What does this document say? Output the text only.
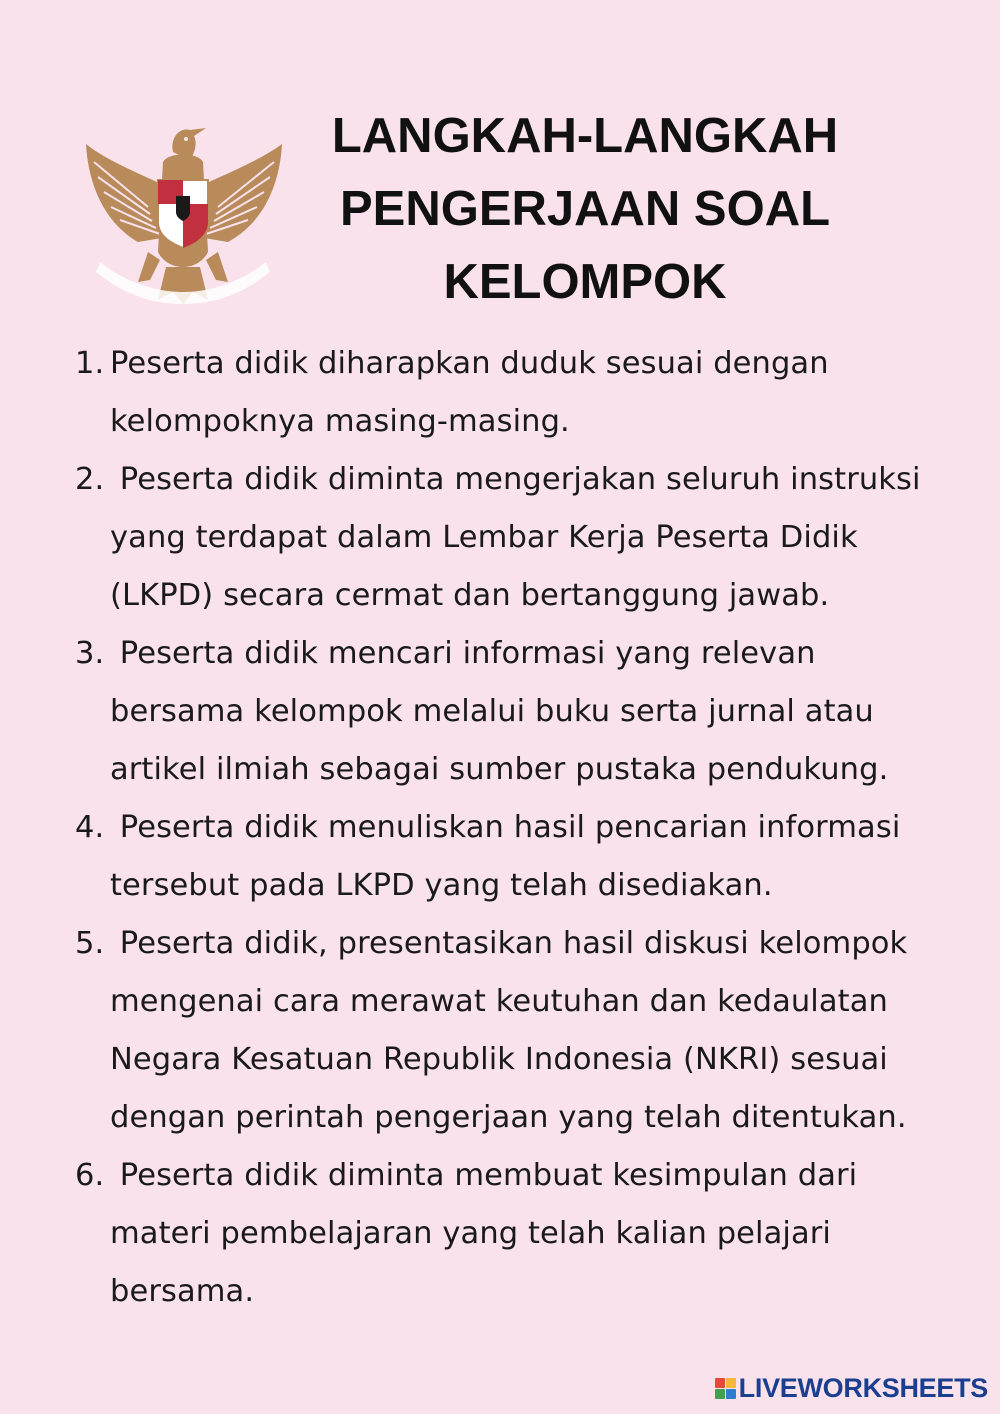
LANGKAH-LANGKAH
PENGERJAAN SOAL
KELOMPOK
1. Peserta didik diharapkan duduk sesuai dengan
kelompoknya masing-masing.
2. Peserta didik diminta mengerjakan seluruh instruksi
yang terdapat dalam Lembar Kerja Peserta Didik
(LKPD) secara cermat dan bertanggung jawab.
3. Peserta didik mencari informasi yang relevan
bersama kelompok melalui buku serta jurnal atau
artikel ilmiah sebagai sumber pustaka pendukung.
4. Peserta didik menuliskan hasil pencarian informasi
tersebut pada LKPD yang telah disediakan.
5. Peserta didik, presentasikan hasil diskusi kelompok
mengenai cara merawat keutuhan dan kedaulatan
Negara Kesatuan Republik Indonesia (NKRI) sesuai
dengan perintah pengerjaan yang telah ditentukan.
6. Peserta didik diminta membuat kesimpulan dari
materi pembelajaran yang telah kalian pelajari
bersama.
LIVEWORKSHEETS
